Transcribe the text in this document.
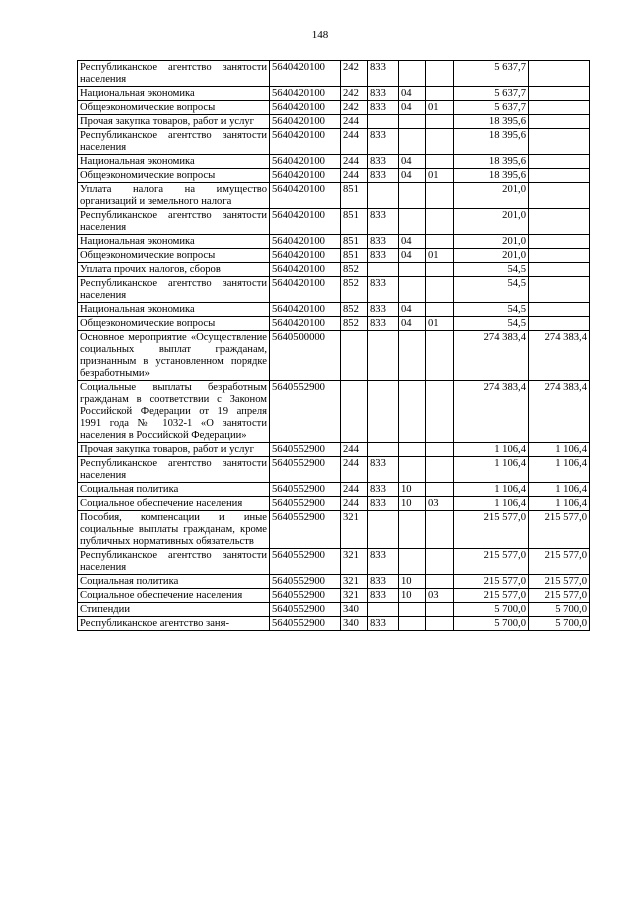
148
Республиканское агентство занятости населения	5640420100	242	833			5 637,7	
Национальная экономика	5640420100	242	833	04		5 637,7	
Общеэкономические вопросы	5640420100	242	833	04	01	5 637,7	
Прочая закупка товаров, работ и услуг	5640420100	244				18 395,6	
Республиканское агентство занятости населения	5640420100	244	833			18 395,6	
Национальная экономика	5640420100	244	833	04		18 395,6	
Общеэкономические вопросы	5640420100	244	833	04	01	18 395,6	
Уплата налога на имущество организаций и земельного налога	5640420100	851				201,0	
Республиканское агентство занятости населения	5640420100	851	833			201,0	
Национальная экономика	5640420100	851	833	04		201,0	
Общеэкономические вопросы	5640420100	851	833	04	01	201,0	
Уплата прочих налогов, сборов	5640420100	852				54,5	
Республиканское агентство занятости населения	5640420100	852	833			54,5	
Национальная экономика	5640420100	852	833	04		54,5	
Общеэкономические вопросы	5640420100	852	833	04	01	54,5	
Основное мероприятие «Осуществление социальных выплат гражданам, признанным в установленном порядке безработными»	5640500000					274 383,4	274 383,4
Социальные выплаты безработным гражданам в соответствии с Законом Российской Федерации от 19 апреля 1991 года № 1032-1 «О занятости населения в Российской Федерации»	5640552900					274 383,4	274 383,4
Прочая закупка товаров, работ и услуг	5640552900	244				1 106,4	1 106,4
Республиканское агентство занятости населения	5640552900	244	833			1 106,4	1 106,4
Социальная политика	5640552900	244	833	10		1 106,4	1 106,4
Социальное обеспечение населения	5640552900	244	833	10	03	1 106,4	1 106,4
Пособия, компенсации и иные социальные выплаты гражданам, кроме публичных нормативных обязательств	5640552900	321				215 577,0	215 577,0
Республиканское агентство занятости населения	5640552900	321	833			215 577,0	215 577,0
Социальная политика	5640552900	321	833	10		215 577,0	215 577,0
Социальное обеспечение населения	5640552900	321	833	10	03	215 577,0	215 577,0
Стипендии	5640552900	340				5 700,0	5 700,0
Республиканское агентство заня-	5640552900	340	833			5 700,0	5 700,0
